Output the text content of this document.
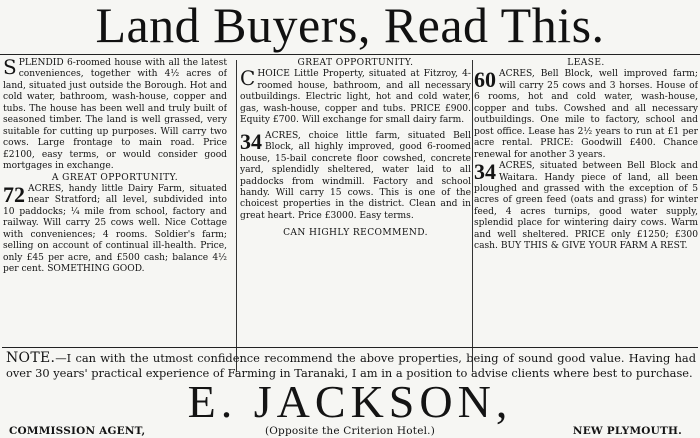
Land Buyers, Read This.

SPLENDID 6-roomed house with all the latest conveniences, together with 4½ acres of land, situated just outside the Borough. Hot and cold water, bathroom, wash-house, copper and tubs. The house has been well and truly built of seasoned timber. The land is well grassed, very suitable for cutting up purposes. Will carry two cows. Large frontage to main road. Price £2100, easy terms, or would consider good mortgages in exchange.

A GREAT OPPORTUNITY.

72 ACRES, handy little Dairy Farm, situated near Stratford; all level, subdivided into 10 paddocks; ¼ mile from school, factory and railway. Will carry 25 cows well. Nice Cottage with conveniences; 4 rooms. Soldier's farm; selling on account of continual ill-health. Price, only £45 per acre, and £500 cash; balance 4½ per cent. SOMETHING GOOD.

GREAT OPPORTUNITY.

CHOICE Little Property, situated at Fitzroy, 4-roomed house, bathroom, and all necessary outbuildings. Electric light, hot and cold water, gas, wash-house, copper and tubs. PRICE £900. Equity £700. Will exchange for small dairy farm.

34 ACRES, choice little farm, situated Bell Block, all highly improved, good 6-roomed house, 15-bail concrete floor cowshed, concrete yard, splendidly sheltered, water laid to all paddocks from windmill. Factory and school handy. Will carry 15 cows. This is one of the choicest properties in the district. Clean and in great heart. Price £3000. Easy terms.

CAN HIGHLY RECOMMEND.

LEASE.

60 ACRES, Bell Block, well improved farm; will carry 25 cows and 3 horses. House of 6 rooms, hot and cold water, wash-house, copper and tubs. Cowshed and all necessary outbuildings. One mile to factory, school and post office. Lease has 2½ years to run at £1 per acre rental. PRICE: Goodwill £400. Chance renewal for another 3 years.

34 ACRES, situated between Bell Block and Waitara. Handy piece of land, all been ploughed and grassed with the exception of 5 acres of green feed (oats and grass) for winter feed, 4 acres turnips, good water supply, splendid place for wintering dairy cows. Warm and well sheltered. PRICE only £1250; £300 cash. BUY THIS & GIVE YOUR FARM A REST.

NOTE.—I can with the utmost confidence recommend the above properties, being of sound good value. Having had over 30 years' practical experience of Farming in Taranaki, I am in a position to advise clients where best to purchase.
E. JACKSON,
COMMISSION AGENT,	(Opposite the Criterion Hotel.)	NEW PLYMOUTH.
